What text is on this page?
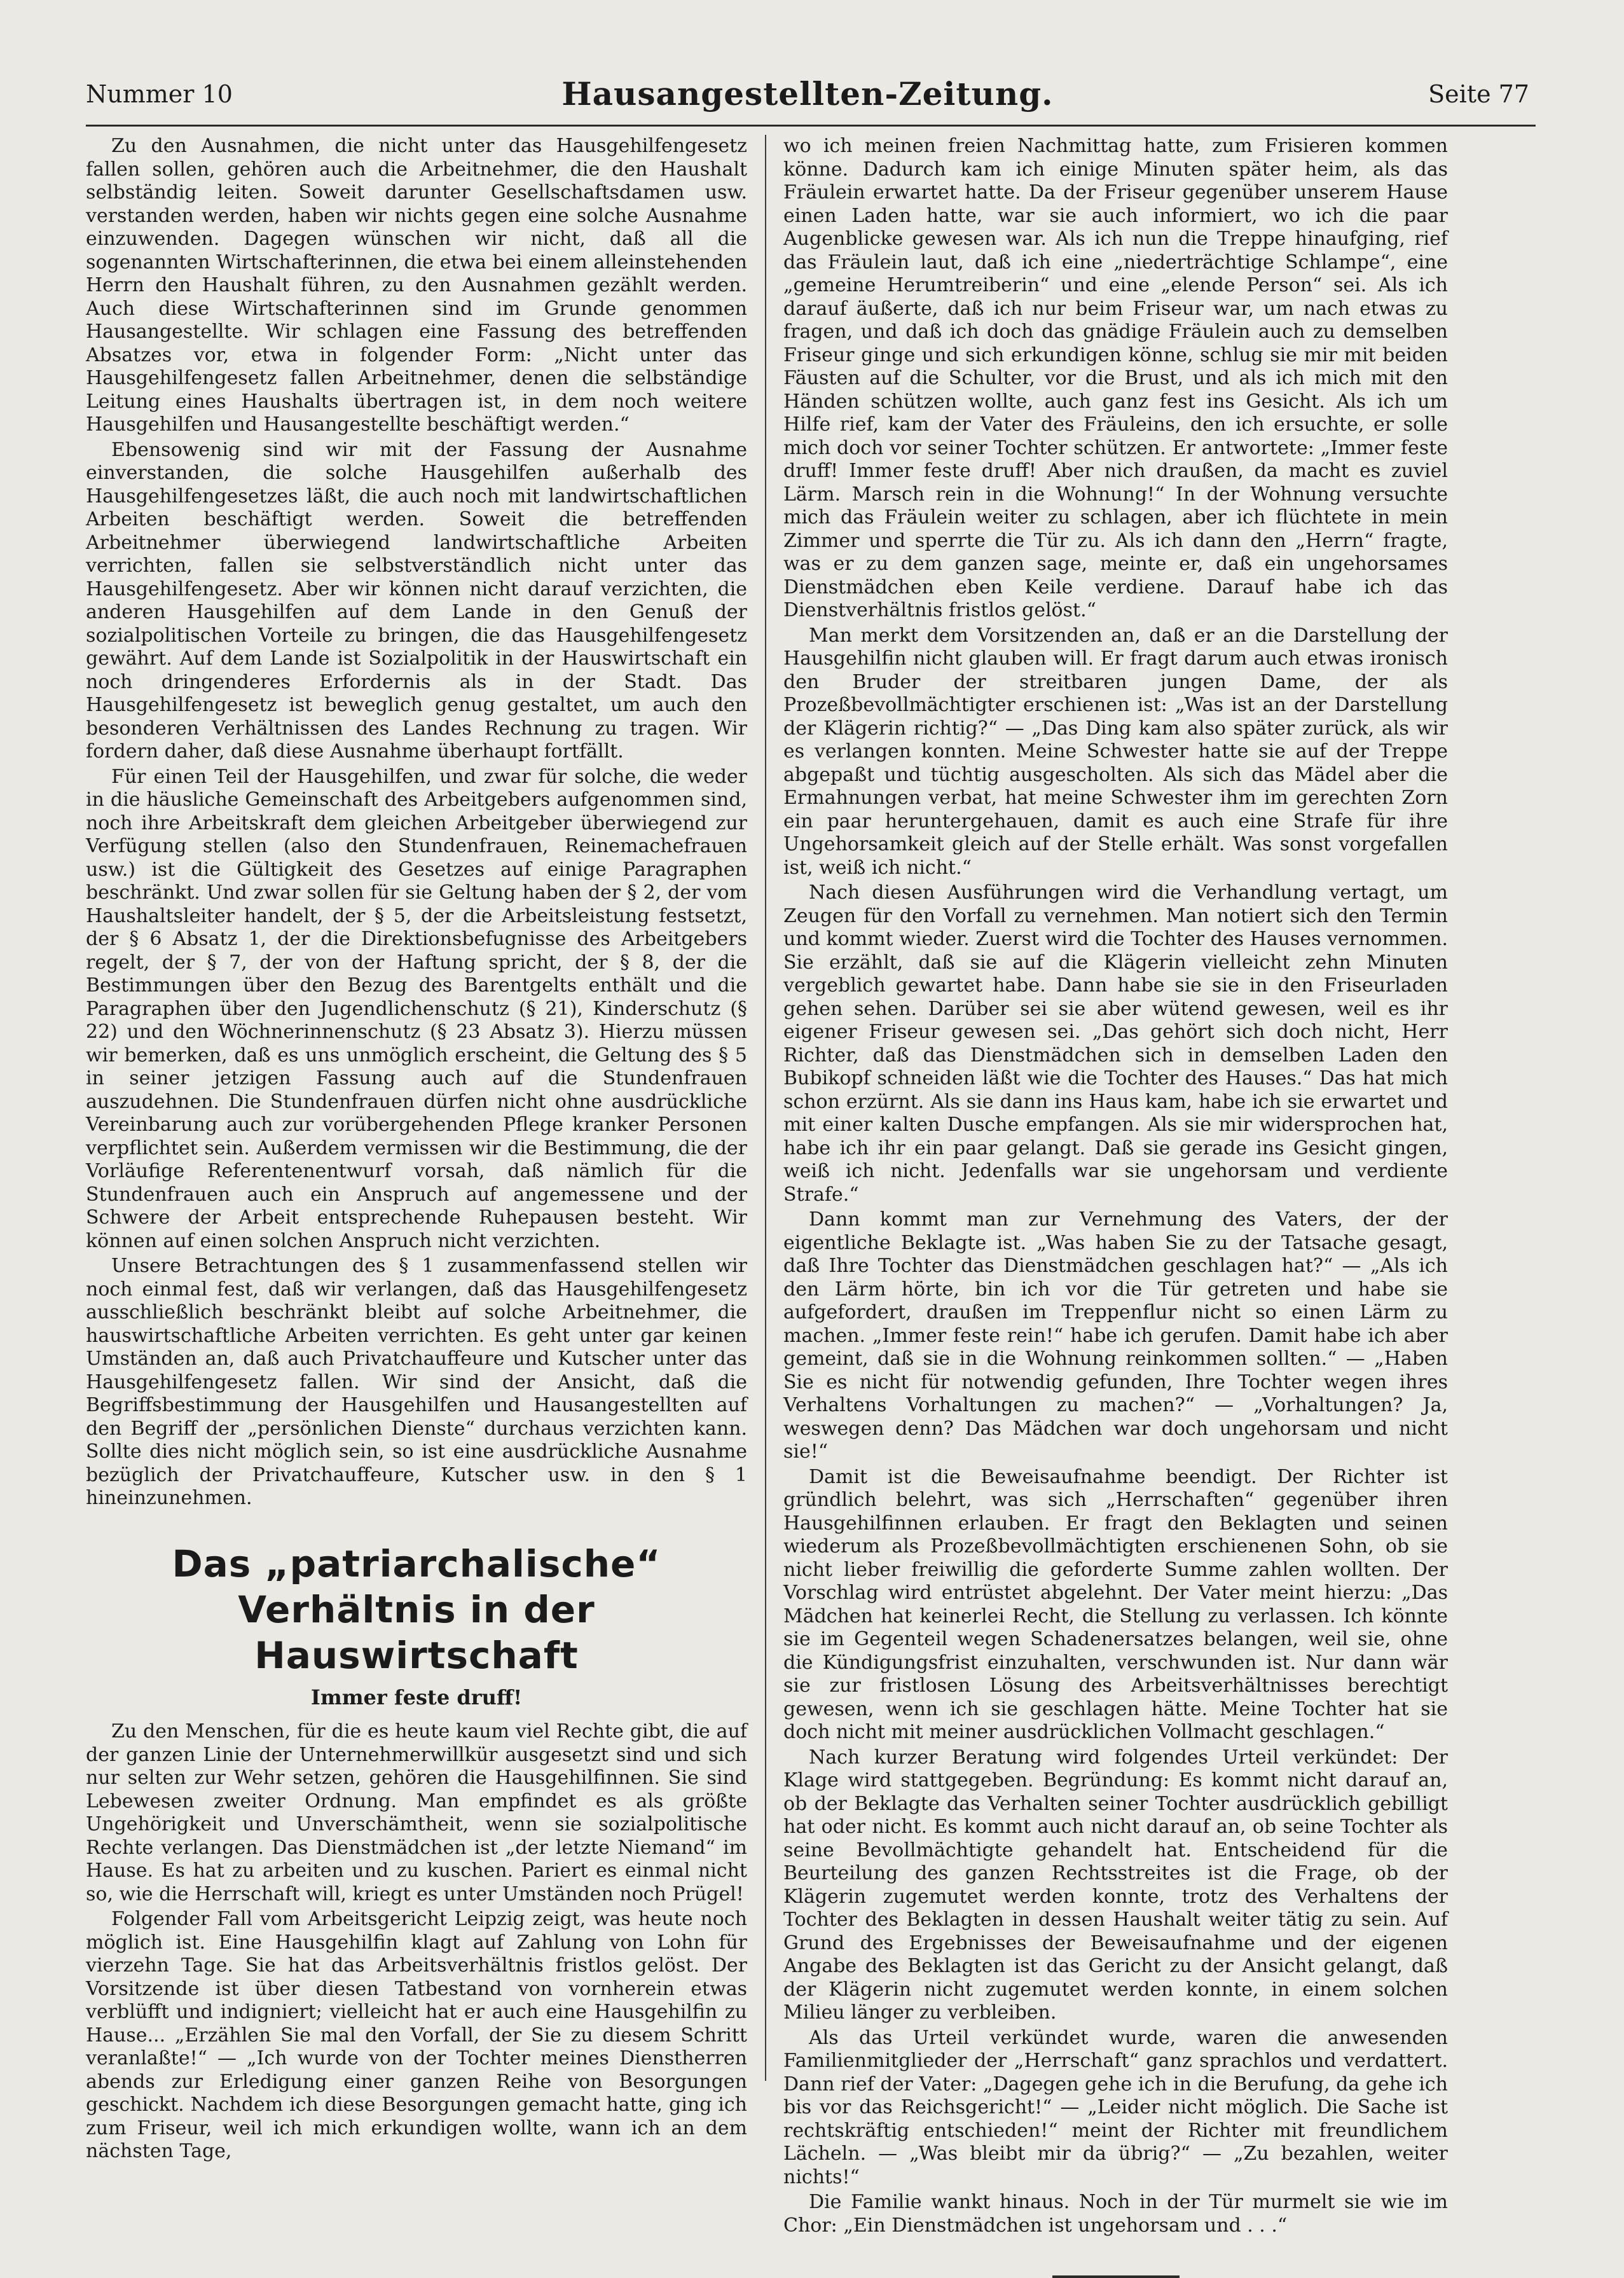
Nummer 10	Hausangestellten-Zeitung.	Seite 77

Zu den Ausnahmen, die nicht unter das Hausgehilfengesetz fallen sollen, gehören auch die Arbeitnehmer, die den Haushalt selbständig leiten. Soweit darunter Gesellschaftsdamen usw. verstanden werden, haben wir nichts gegen eine solche Ausnahme einzuwenden. Dagegen wünschen wir nicht, daß all die sogenannten Wirtschafterinnen, die etwa bei einem alleinstehenden Herrn den Haushalt führen, zu den Ausnahmen gezählt werden. Auch diese Wirtschafterinnen sind im Grunde genommen Hausangestellte. Wir schlagen eine Fassung des betreffenden Absatzes vor, etwa in folgender Form: „Nicht unter das Hausgehilfengesetz fallen Arbeitnehmer, denen die selbständige Leitung eines Haushalts übertragen ist, in dem noch weitere Hausgehilfen und Hausangestellte beschäftigt werden.“

Ebensowenig sind wir mit der Fassung der Ausnahme einverstanden, die solche Hausgehilfen außerhalb des Hausgehilfengesetzes läßt, die auch noch mit landwirtschaftlichen Arbeiten beschäftigt werden. Soweit die betreffenden Arbeitnehmer überwiegend landwirtschaftliche Arbeiten verrichten, fallen sie selbstverständlich nicht unter das Hausgehilfengesetz. Aber wir können nicht darauf verzichten, die anderen Hausgehilfen auf dem Lande in den Genuß der sozialpolitischen Vorteile zu bringen, die das Hausgehilfengesetz gewährt. Auf dem Lande ist Sozialpolitik in der Hauswirtschaft ein noch dringenderes Erfordernis als in der Stadt. Das Hausgehilfengesetz ist beweglich genug gestaltet, um auch den besonderen Verhältnissen des Landes Rechnung zu tragen. Wir fordern daher, daß diese Ausnahme überhaupt fortfällt.

Für einen Teil der Hausgehilfen, und zwar für solche, die weder in die häusliche Gemeinschaft des Arbeitgebers aufgenommen sind, noch ihre Arbeitskraft dem gleichen Arbeitgeber überwiegend zur Verfügung stellen (also den Stundenfrauen, Reinemachefrauen usw.) ist die Gültigkeit des Gesetzes auf einige Paragraphen beschränkt. Und zwar sollen für sie Geltung haben der § 2, der vom Haushaltsleiter handelt, der § 5, der die Arbeitsleistung festsetzt, der § 6 Absatz 1, der die Direktionsbefugnisse des Arbeitgebers regelt, der § 7, der von der Haftung spricht, der § 8, der die Bestimmungen über den Bezug des Barentgelts enthält und die Paragraphen über den Jugendlichenschutz (§ 21), Kinderschutz (§ 22) und den Wöchnerinnenschutz (§ 23 Absatz 3). Hierzu müssen wir bemerken, daß es uns unmöglich erscheint, die Geltung des § 5 in seiner jetzigen Fassung auch auf die Stundenfrauen auszudehnen. Die Stundenfrauen dürfen nicht ohne ausdrückliche Vereinbarung auch zur vorübergehenden Pflege kranker Personen verpflichtet sein. Außerdem vermissen wir die Bestimmung, die der Vorläufige Referentenentwurf vorsah, daß nämlich für die Stundenfrauen auch ein Anspruch auf angemessene und der Schwere der Arbeit entsprechende Ruhepausen besteht. Wir können auf einen solchen Anspruch nicht verzichten.

Unsere Betrachtungen des § 1 zusammenfassend stellen wir noch einmal fest, daß wir verlangen, daß das Hausgehilfengesetz ausschließlich beschränkt bleibt auf solche Arbeitnehmer, die hauswirtschaftliche Arbeiten verrichten. Es geht unter gar keinen Umständen an, daß auch Privatchauffeure und Kutscher unter das Hausgehilfengesetz fallen. Wir sind der Ansicht, daß die Begriffsbestimmung der Hausgehilfen und Hausangestellten auf den Begriff der „persönlichen Dienste“ durchaus verzichten kann. Sollte dies nicht möglich sein, so ist eine ausdrückliche Ausnahme bezüglich der Privatchauffeure, Kutscher usw. in den § 1 hineinzunehmen.

Das „patriarchalische“ Verhältnis in der Hauswirtschaft
Immer feste druff!

Zu den Menschen, für die es heute kaum viel Rechte gibt, die auf der ganzen Linie der Unternehmerwillkür ausgesetzt sind und sich nur selten zur Wehr setzen, gehören die Hausgehilfinnen. Sie sind Lebewesen zweiter Ordnung. Man empfindet es als größte Ungehörigkeit und Unverschämtheit, wenn sie sozialpolitische Rechte verlangen. Das Dienstmädchen ist „der letzte Niemand“ im Hause. Es hat zu arbeiten und zu kuschen. Pariert es einmal nicht so, wie die Herrschaft will, kriegt es unter Umständen noch Prügel!

Folgender Fall vom Arbeitsgericht Leipzig zeigt, was heute noch möglich ist. Eine Hausgehilfin klagt auf Zahlung von Lohn für vierzehn Tage. Sie hat das Arbeitsverhältnis fristlos gelöst. Der Vorsitzende ist über diesen Tatbestand von vornherein etwas verblüfft und indigniert; vielleicht hat er auch eine Hausgehilfin zu Hause... „Erzählen Sie mal den Vorfall, der Sie zu diesem Schritt veranlaßte!“ — „Ich wurde von der Tochter meines Dienstherren abends zur Erledigung einer ganzen Reihe von Besorgungen geschickt. Nachdem ich diese Besorgungen gemacht hatte, ging ich zum Friseur, weil ich mich erkundigen wollte, wann ich an dem nächsten Tage,

wo ich meinen freien Nachmittag hatte, zum Frisieren kommen könne. Dadurch kam ich einige Minuten später heim, als das Fräulein erwartet hatte. Da der Friseur gegenüber unserem Hause einen Laden hatte, war sie auch informiert, wo ich die paar Augenblicke gewesen war. Als ich nun die Treppe hinaufging, rief das Fräulein laut, daß ich eine „niederträchtige Schlampe“, eine „gemeine Herumtreiberin“ und eine „elende Person“ sei. Als ich darauf äußerte, daß ich nur beim Friseur war, um nach etwas zu fragen, und daß ich doch das gnädige Fräulein auch zu demselben Friseur ginge und sich erkundigen könne, schlug sie mir mit beiden Fäusten auf die Schulter, vor die Brust, und als ich mich mit den Händen schützen wollte, auch ganz fest ins Gesicht. Als ich um Hilfe rief, kam der Vater des Fräuleins, den ich ersuchte, er solle mich doch vor seiner Tochter schützen. Er antwortete: „Immer feste druff! Immer feste druff! Aber nich draußen, da macht es zuviel Lärm. Marsch rein in die Wohnung!“ In der Wohnung versuchte mich das Fräulein weiter zu schlagen, aber ich flüchtete in mein Zimmer und sperrte die Tür zu. Als ich dann den „Herrn“ fragte, was er zu dem ganzen sage, meinte er, daß ein ungehorsames Dienstmädchen eben Keile verdiene. Darauf habe ich das Dienstverhältnis fristlos gelöst.“

Man merkt dem Vorsitzenden an, daß er an die Darstellung der Hausgehilfin nicht glauben will. Er fragt darum auch etwas ironisch den Bruder der streitbaren jungen Dame, der als Prozeßbevollmächtigter erschienen ist: „Was ist an der Darstellung der Klägerin richtig?“ — „Das Ding kam also später zurück, als wir es verlangen konnten. Meine Schwester hatte sie auf der Treppe abgepaßt und tüchtig ausgescholten. Als sich das Mädel aber die Ermahnungen verbat, hat meine Schwester ihm im gerechten Zorn ein paar heruntergehauen, damit es auch eine Strafe für ihre Ungehorsamkeit gleich auf der Stelle erhält. Was sonst vorgefallen ist, weiß ich nicht.“

Nach diesen Ausführungen wird die Verhandlung vertagt, um Zeugen für den Vorfall zu vernehmen. Man notiert sich den Termin und kommt wieder. Zuerst wird die Tochter des Hauses vernommen. Sie erzählt, daß sie auf die Klägerin vielleicht zehn Minuten vergeblich gewartet habe. Dann habe sie sie in den Friseurladen gehen sehen. Darüber sei sie aber wütend gewesen, weil es ihr eigener Friseur gewesen sei. „Das gehört sich doch nicht, Herr Richter, daß das Dienstmädchen sich in demselben Laden den Bubikopf schneiden läßt wie die Tochter des Hauses.“ Das hat mich schon erzürnt. Als sie dann ins Haus kam, habe ich sie erwartet und mit einer kalten Dusche empfangen. Als sie mir widersprochen hat, habe ich ihr ein paar gelangt. Daß sie gerade ins Gesicht gingen, weiß ich nicht. Jedenfalls war sie ungehorsam und verdiente Strafe.“

Dann kommt man zur Vernehmung des Vaters, der der eigentliche Beklagte ist. „Was haben Sie zu der Tatsache gesagt, daß Ihre Tochter das Dienstmädchen geschlagen hat?“ — „Als ich den Lärm hörte, bin ich vor die Tür getreten und habe sie aufgefordert, draußen im Treppenflur nicht so einen Lärm zu machen. „Immer feste rein!“ habe ich gerufen. Damit habe ich aber gemeint, daß sie in die Wohnung reinkommen sollten.“ — „Haben Sie es nicht für notwendig gefunden, Ihre Tochter wegen ihres Verhaltens Vorhaltungen zu machen?“ — „Vorhaltungen? Ja, weswegen denn? Das Mädchen war doch ungehorsam und nicht sie!“

Damit ist die Beweisaufnahme beendigt. Der Richter ist gründlich belehrt, was sich „Herrschaften“ gegenüber ihren Hausgehilfinnen erlauben. Er fragt den Beklagten und seinen wiederum als Prozeßbevollmächtigten erschienenen Sohn, ob sie nicht lieber freiwillig die geforderte Summe zahlen wollten. Der Vorschlag wird entrüstet abgelehnt. Der Vater meint hierzu: „Das Mädchen hat keinerlei Recht, die Stellung zu verlassen. Ich könnte sie im Gegenteil wegen Schadenersatzes belangen, weil sie, ohne die Kündigungsfrist einzuhalten, verschwunden ist. Nur dann wär sie zur fristlosen Lösung des Arbeitsverhältnisses berechtigt gewesen, wenn ich sie geschlagen hätte. Meine Tochter hat sie doch nicht mit meiner ausdrücklichen Vollmacht geschlagen.“

Nach kurzer Beratung wird folgendes Urteil verkündet: Der Klage wird stattgegeben. Begründung: Es kommt nicht darauf an, ob der Beklagte das Verhalten seiner Tochter ausdrücklich gebilligt hat oder nicht. Es kommt auch nicht darauf an, ob seine Tochter als seine Bevollmächtigte gehandelt hat. Entscheidend für die Beurteilung des ganzen Rechtsstreites ist die Frage, ob der Klägerin zugemutet werden konnte, trotz des Verhaltens der Tochter des Beklagten in dessen Haushalt weiter tätig zu sein. Auf Grund des Ergebnisses der Beweisaufnahme und der eigenen Angabe des Beklagten ist das Gericht zu der Ansicht gelangt, daß der Klägerin nicht zugemutet werden konnte, in einem solchen Milieu länger zu verbleiben.

Als das Urteil verkündet wurde, waren die anwesenden Familienmitglieder der „Herrschaft“ ganz sprachlos und verdattert. Dann rief der Vater: „Dagegen gehe ich in die Berufung, da gehe ich bis vor das Reichsgericht!“ — „Leider nicht möglich. Die Sache ist rechtskräftig entschieden!“ meint der Richter mit freundlichem Lächeln. — „Was bleibt mir da übrig?“ — „Zu bezahlen, weiter nichts!“

Die Familie wankt hinaus. Noch in der Tür murmelt sie wie im Chor: „Ein Dienstmädchen ist ungehorsam und . . .“
